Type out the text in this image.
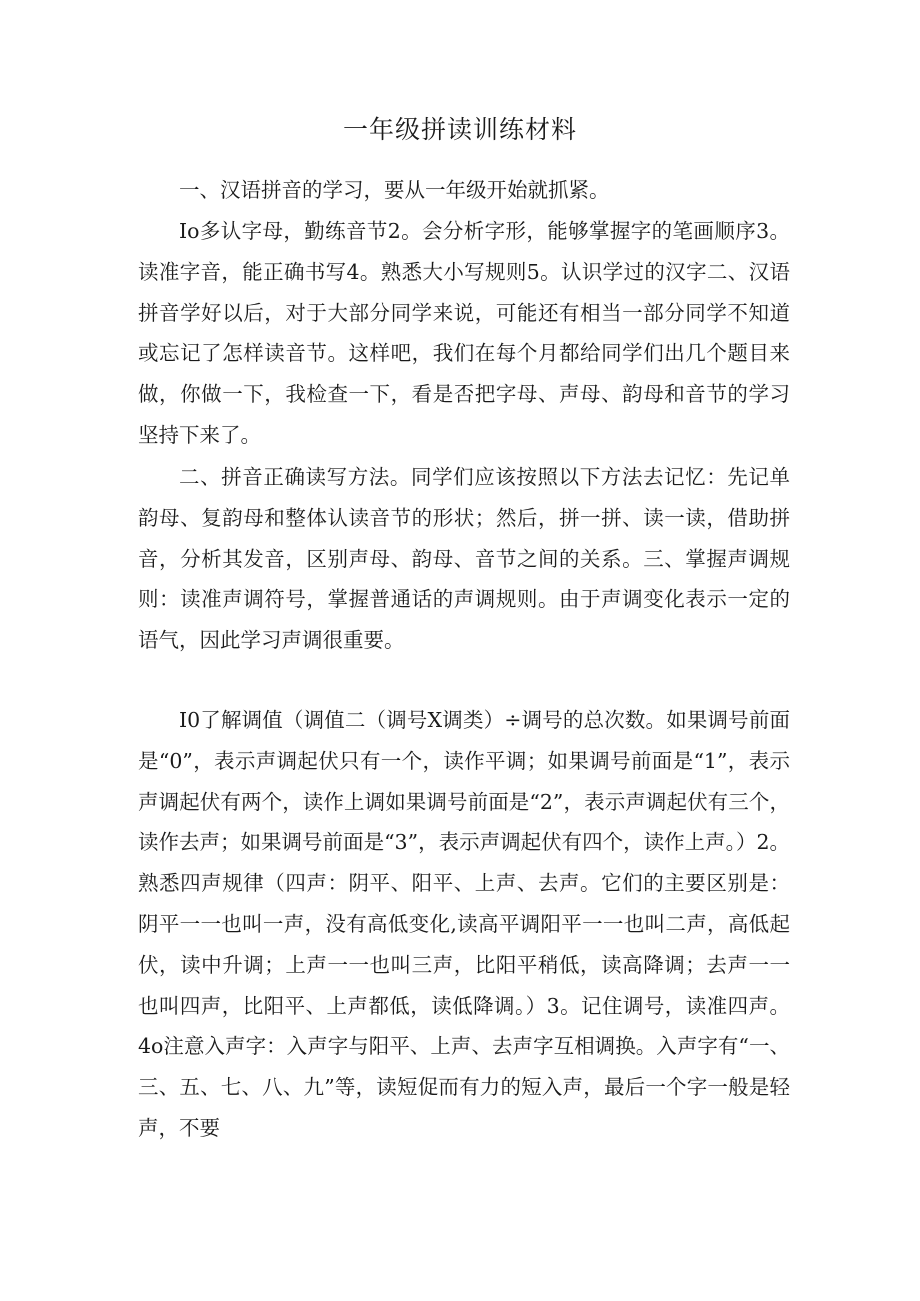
一年级拼读训练材料

一、汉语拼音的学习，要从一年级开始就抓紧。

Io多认字母，勤练音节2。会分析字形，能够掌握字的笔画顺序3。读准字音，能正确书写4。熟悉大小写规则5。认识学过的汉字二、汉语拼音学好以后，对于大部分同学来说，可能还有相当一部分同学不知道或忘记了怎样读音节。这样吧，我们在每个月都给同学们出几个题目来做，你做一下，我检查一下，看是否把字母、声母、韵母和音节的学习坚持下来了。

二、拼音正确读写方法。同学们应该按照以下方法去记忆：先记单韵母、复韵母和整体认读音节的形状；然后，拼一拼、读一读，借助拼音，分析其发音，区别声母、韵母、音节之间的关系。三、掌握声调规则：读准声调符号，掌握普通话的声调规则。由于声调变化表示一定的语气，因此学习声调很重要。

I0了解调值（调值二（调号X调类）÷调号的总次数。如果调号前面是“0”，表示声调起伏只有一个，读作平调；如果调号前面是“1”，表示声调起伏有两个，读作上调如果调号前面是“2”，表示声调起伏有三个，读作去声；如果调号前面是“3”，表示声调起伏有四个，读作上声。）2。熟悉四声规律（四声：阴平、阳平、上声、去声。它们的主要区别是：阴平一一也叫一声，没有高低变化,读高平调阳平一一也叫二声，高低起伏，读中升调；上声一一也叫三声，比阳平稍低，读高降调；去声一一也叫四声，比阳平、上声都低，读低降调。）3。记住调号，读准四声。4o注意入声字：入声字与阳平、上声、去声字互相调换。入声字有“一、三、五、七、八、九”等，读短促而有力的短入声，最后一个字一般是轻声，不要
